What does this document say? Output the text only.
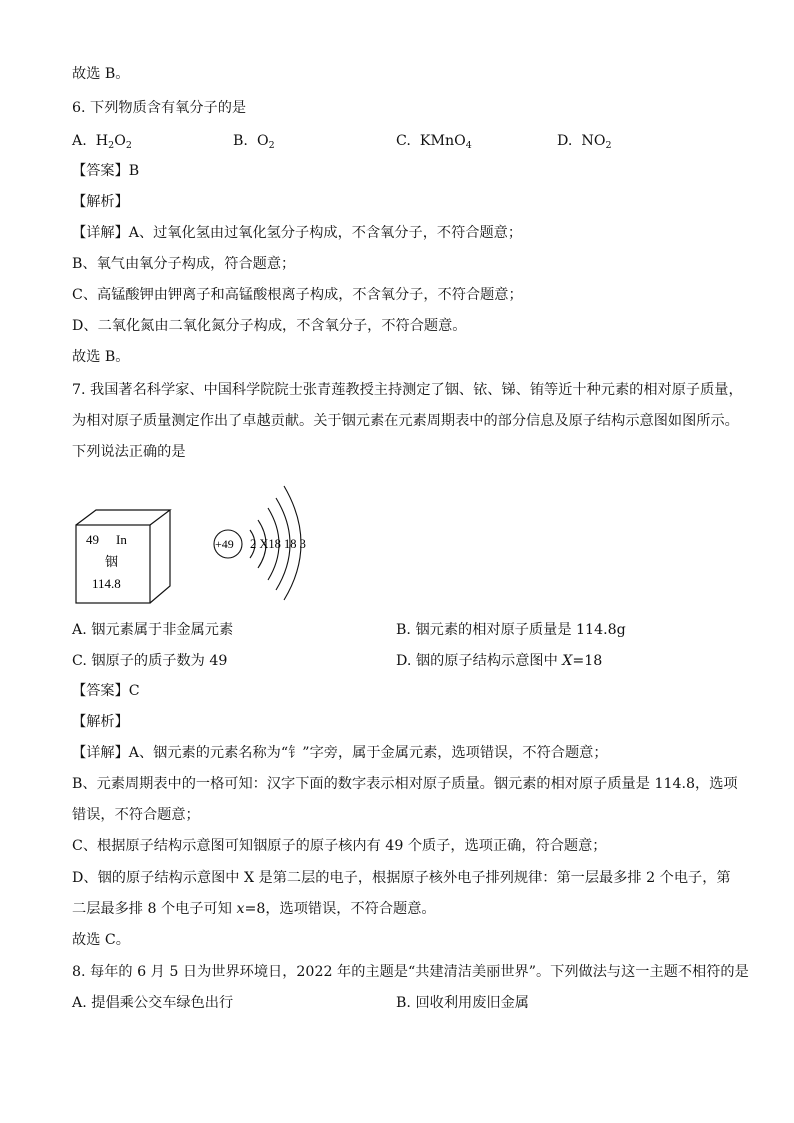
故选 B。
6. 下列物质含有氧分子的是
A. $H_2O_2$	B. $O_2$	C. KMnO$_4$	D. $NO_2$
【答案】B
【解析】
【详解】A、过氧化氢由过氧化氢分子构成，不含氧分子，不符合题意；
B、氧气由氧分子构成，符合题意；
C、高锰酸钾由钾离子和高锰酸根离子构成，不含氧分子，不符合题意；
D、二氧化氮由二氧化氮分子构成，不含氧分子，不符合题意。
故选 B。
7. 我国著名科学家、中国科学院院士张青莲教授主持测定了铟、铱、锑、铕等近十种元素的相对原子质量，
为相对原子质量测定作出了卓越贡献。关于铟元素在元素周期表中的部分信息及原子结构示意图如图所示。
下列说法正确的是
49 In
铟
114.8
+49 2 X18 18 3
A. 铟元素属于非金属元素	B. 铟元素的相对原子质量是 114.8g
C. 铟原子的质子数为 49	D. 铟的原子结构示意图中 X=18
【答案】C
【解析】
【详解】A、铟元素的元素名称为“钅”字旁，属于金属元素，选项错误，不符合题意；
B、元素周期表中的一格可知：汉字下面的数字表示相对原子质量。铟元素的相对原子质量是 114.8，选项
错误，不符合题意；
C、根据原子结构示意图可知铟原子的原子核内有 49 个质子，选项正确，符合题意；
D、铟的原子结构示意图中 X 是第二层的电子，根据原子核外电子排列规律：第一层最多排 2 个电子，第
二层最多排 8 个电子可知 x=8，选项错误，不符合题意。
故选 C。
8. 每年的 6 月 5 日为世界环境日，2022 年的主题是“共建清洁美丽世界”。下列做法与这一主题不相符的是
A. 提倡乘公交车绿色出行	B. 回收利用废旧金属
